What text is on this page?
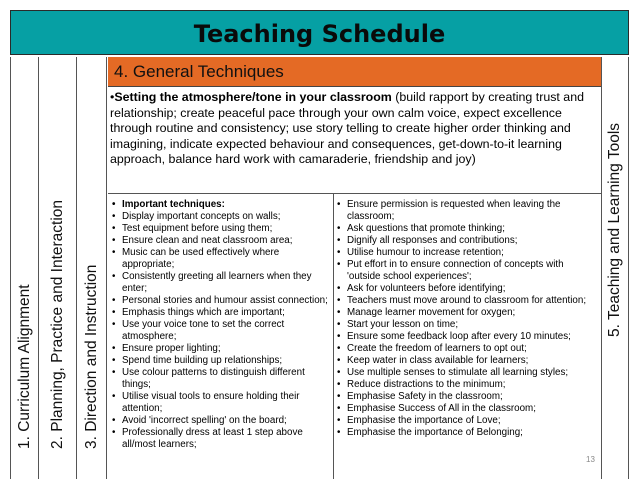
Teaching Schedule
1. Curriculum Alignment 2. Planning, Practice and Interaction 3. Direction and Instruction
5. Teaching and Learning Tools
4. General Techniques
•Setting the atmosphere/tone in your classroom (build rapport by creating trust and relationship; create peaceful pace through your own calm voice, expect excellence through routine and consistency; use story telling to create higher order thinking and imagining, indicate expected behaviour and consequences, get-down-to-it learning approach, balance hard work with camaraderie, friendship and joy)
• Important techniques:
• Display important concepts on walls;
• Test equipment before using them;
• Ensure clean and neat classroom area;
• Music can be used effectively where appropriate;
• Consistently greeting all learners when they enter;
• Personal stories and humour assist connection;
• Emphasis things which are important;
• Use your voice tone to set the correct atmosphere;
• Ensure proper lighting;
• Spend time building up relationships;
• Use colour patterns to distinguish different things;
• Utilise visual tools to ensure holding their attention;
• Avoid 'incorrect spelling' on the board;
• Professionally dress at least 1 step above all/most learners;
• Ensure permission is requested when leaving the classroom;
• Ask questions that promote thinking;
• Dignify all responses and contributions;
• Utilise humour to increase retention;
• Put effort in to ensure connection of concepts with 'outside school experiences';
• Ask for volunteers before identifying;
• Teachers must move around to classroom for attention;
• Manage learner movement for oxygen;
• Start your lesson on time;
• Ensure some feedback loop after every 10 minutes;
• Create the freedom of learners to opt out;
• Keep water in class available for learners;
• Use multiple senses to stimulate all learning styles;
• Reduce distractions to the minimum;
• Emphasise Safety in the classroom;
• Emphasise Success of All in the classroom;
• Emphasise the importance of Love;
• Emphasise the importance of Belonging;
13
